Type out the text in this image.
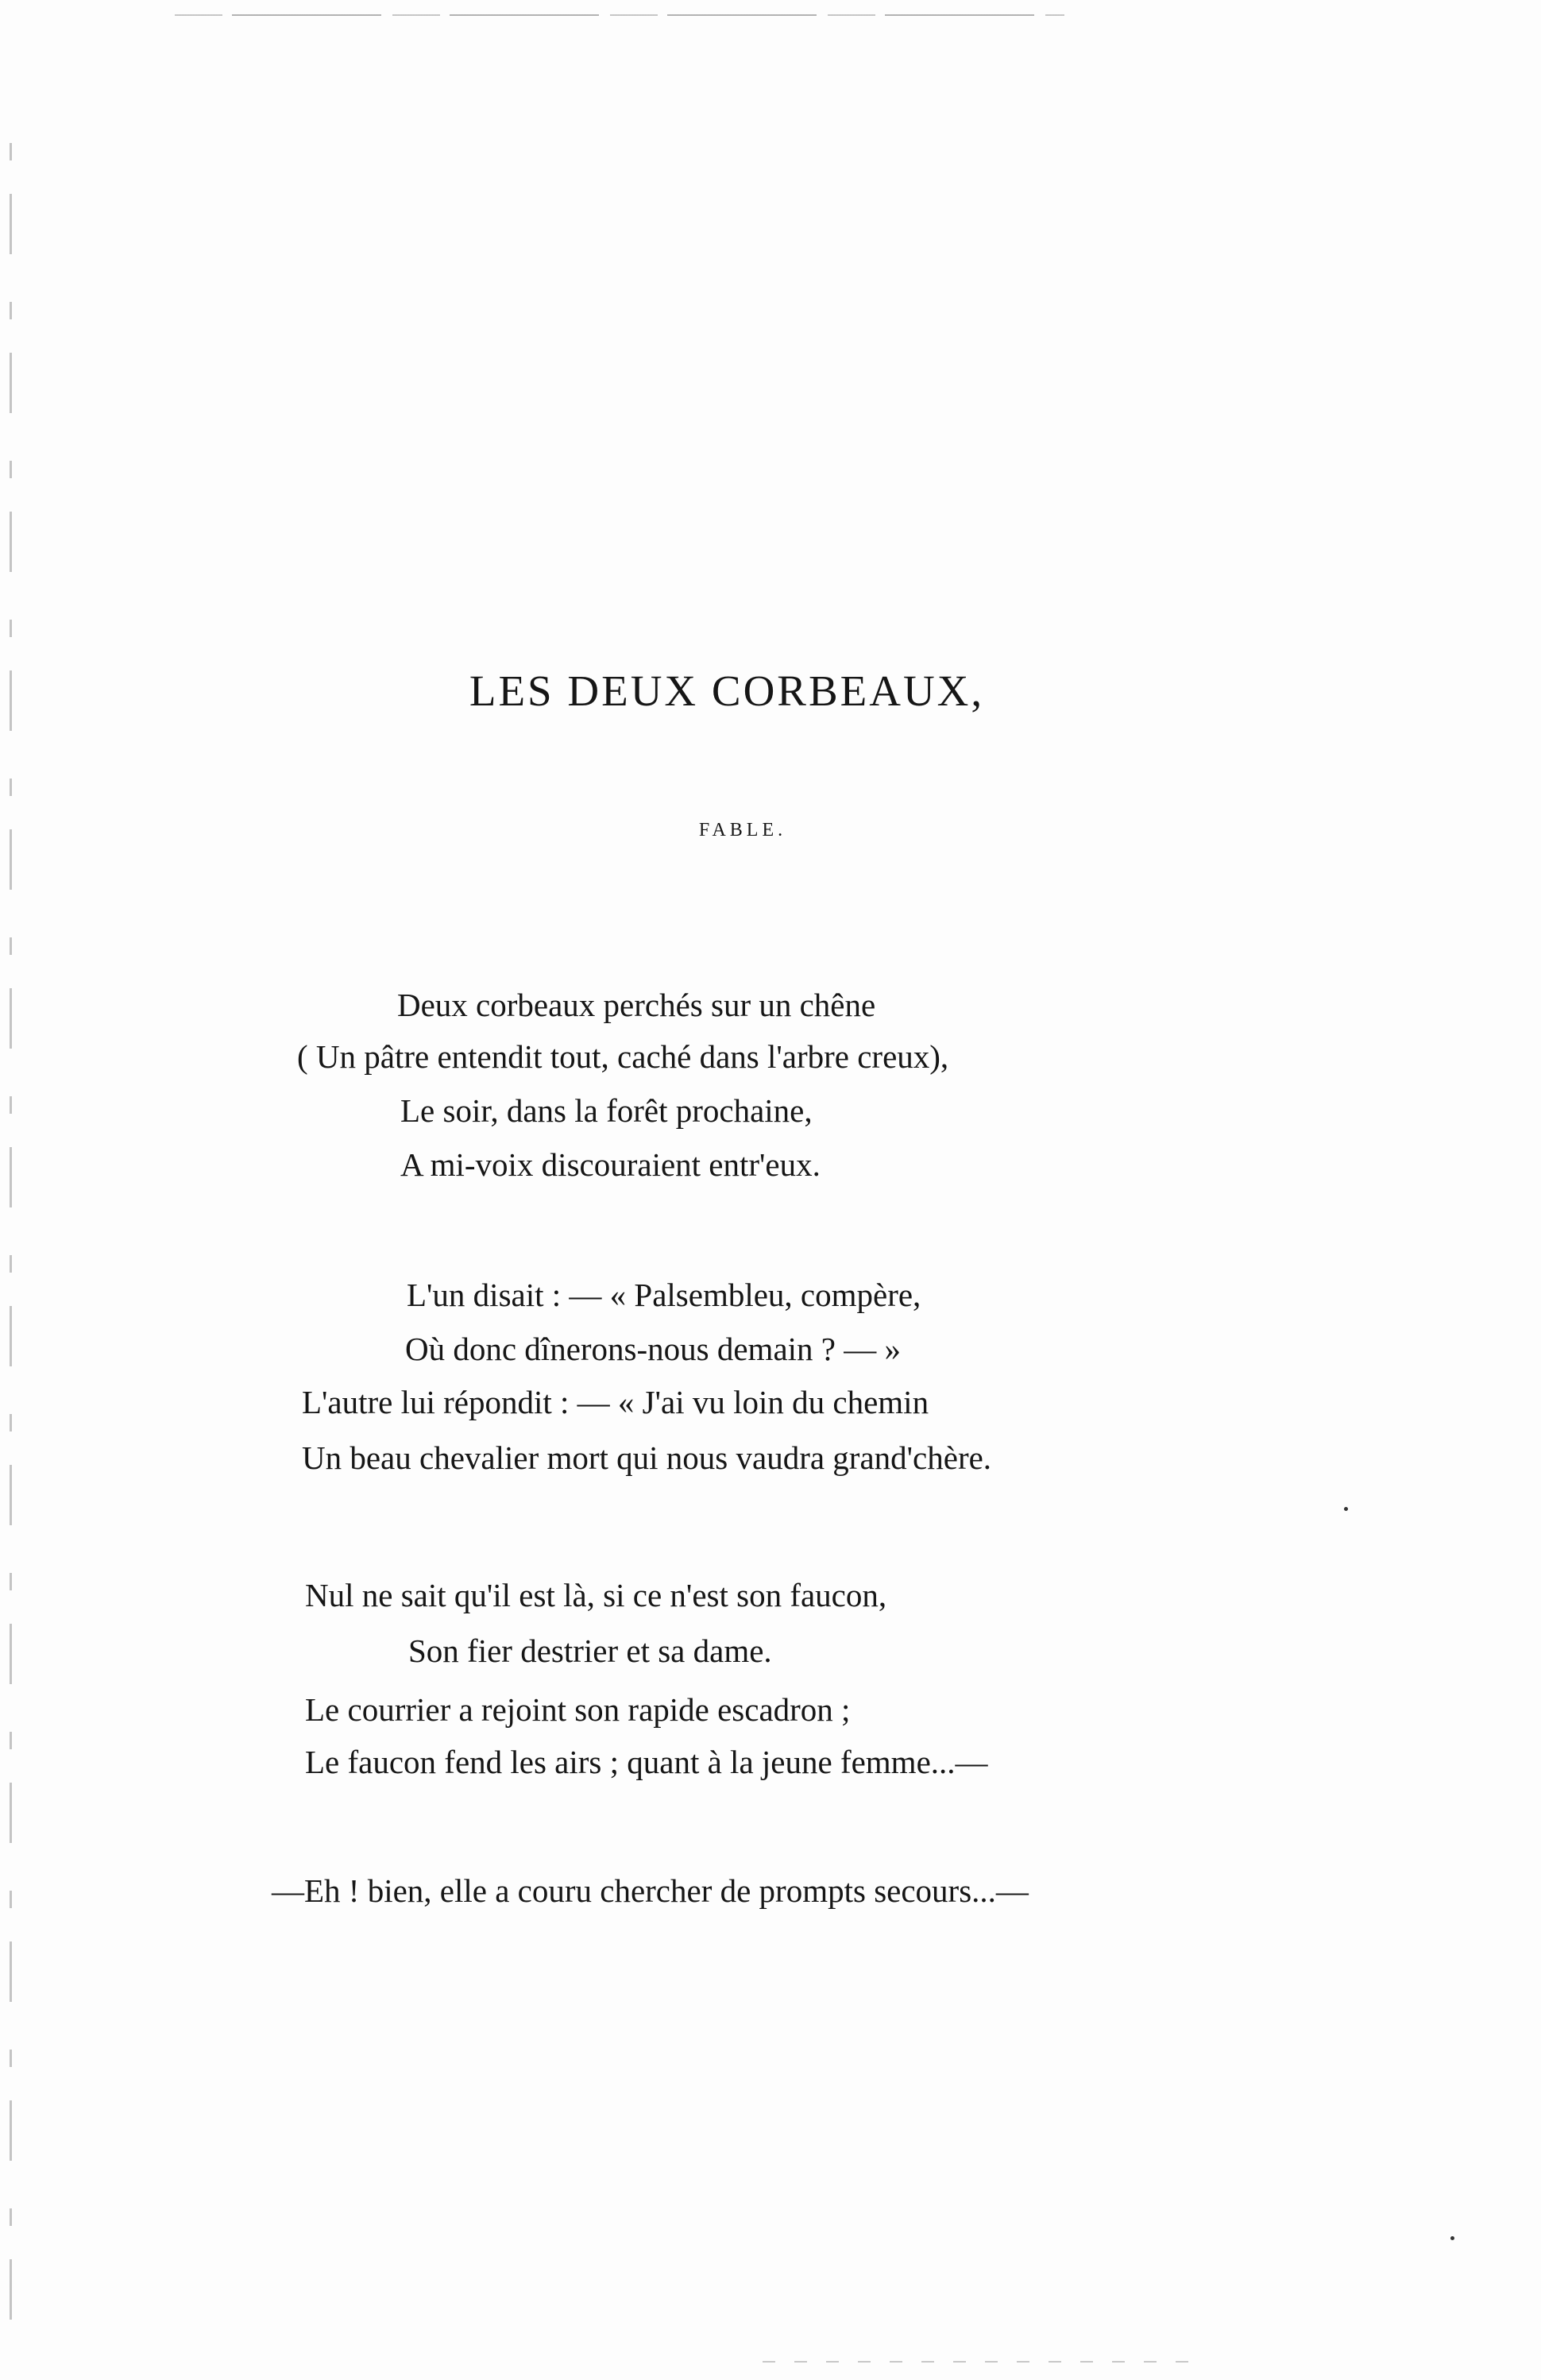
LES DEUX CORBEAUX,
FABLE.
Deux corbeaux perchés sur un chêne
( Un pâtre entendit tout, caché dans l'arbre creux),
Le soir, dans la forêt prochaine,
A mi-voix discouraient entr'eux.
L'un disait : — « Palsembleu, compère,
Où donc dînerons-nous demain ? — »
L'autre lui répondit : — « J'ai vu loin du chemin
Un beau chevalier mort qui nous vaudra grand'chère.
Nul ne sait qu'il est là, si ce n'est son faucon,
Son fier destrier et sa dame.
Le courrier a rejoint son rapide escadron ;
Le faucon fend les airs ; quant à la jeune femme...—
—Eh ! bien, elle a couru chercher de prompts secours...—
